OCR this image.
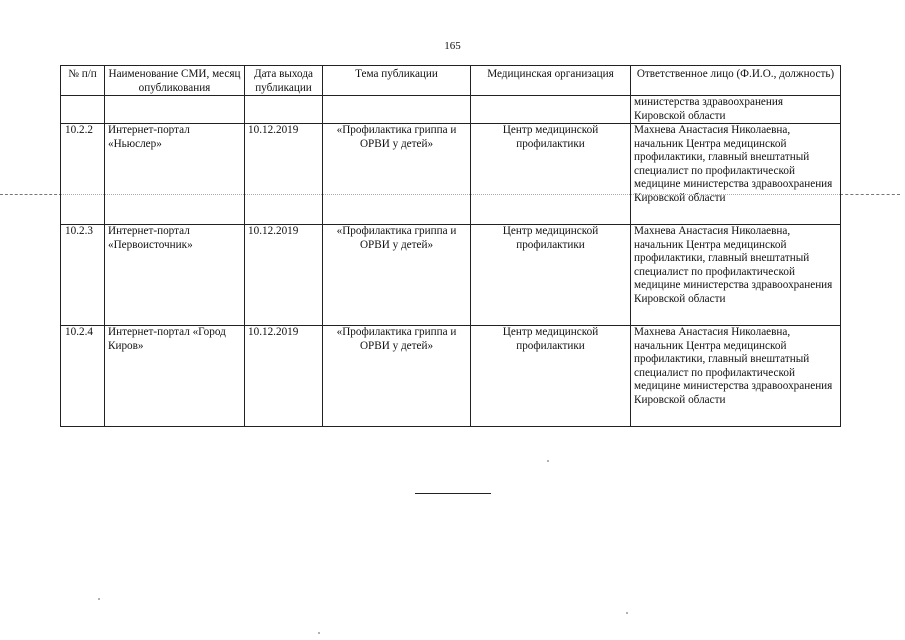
165
№ п/п	Наименование СМИ, месяц опубликования	Дата выхода публикации	Тема публикации	Медицинская организация	Ответственное лицо (Ф.И.О., должность)
					министерства здравоохранения Кировской области
10.2.2	Интернет-портал «Ньюслер»	10.12.2019	«Профилактика гриппа и ОРВИ у детей»	Центр медицинской профилактики	Махнева Анастасия Николаевна, начальник Центра медицинской профилактики, главный внештатный специалист по профилактической медицине министерства здравоохранения Кировской области
10.2.3	Интернет-портал «Первоисточник»	10.12.2019	«Профилактика гриппа и ОРВИ у детей»	Центр медицинской профилактики	Махнева Анастасия Николаевна, начальник Центра медицинской профилактики, главный внештатный специалист по профилактической медицине министерства здравоохранения Кировской области
10.2.4	Интернет-портал «Город Киров»	10.12.2019	«Профилактика гриппа и ОРВИ у детей»	Центр медицинской профилактики	Махнева Анастасия Николаевна, начальник Центра медицинской профилактики, главный внештатный специалист по профилактической медицине министерства здравоохранения Кировской области
